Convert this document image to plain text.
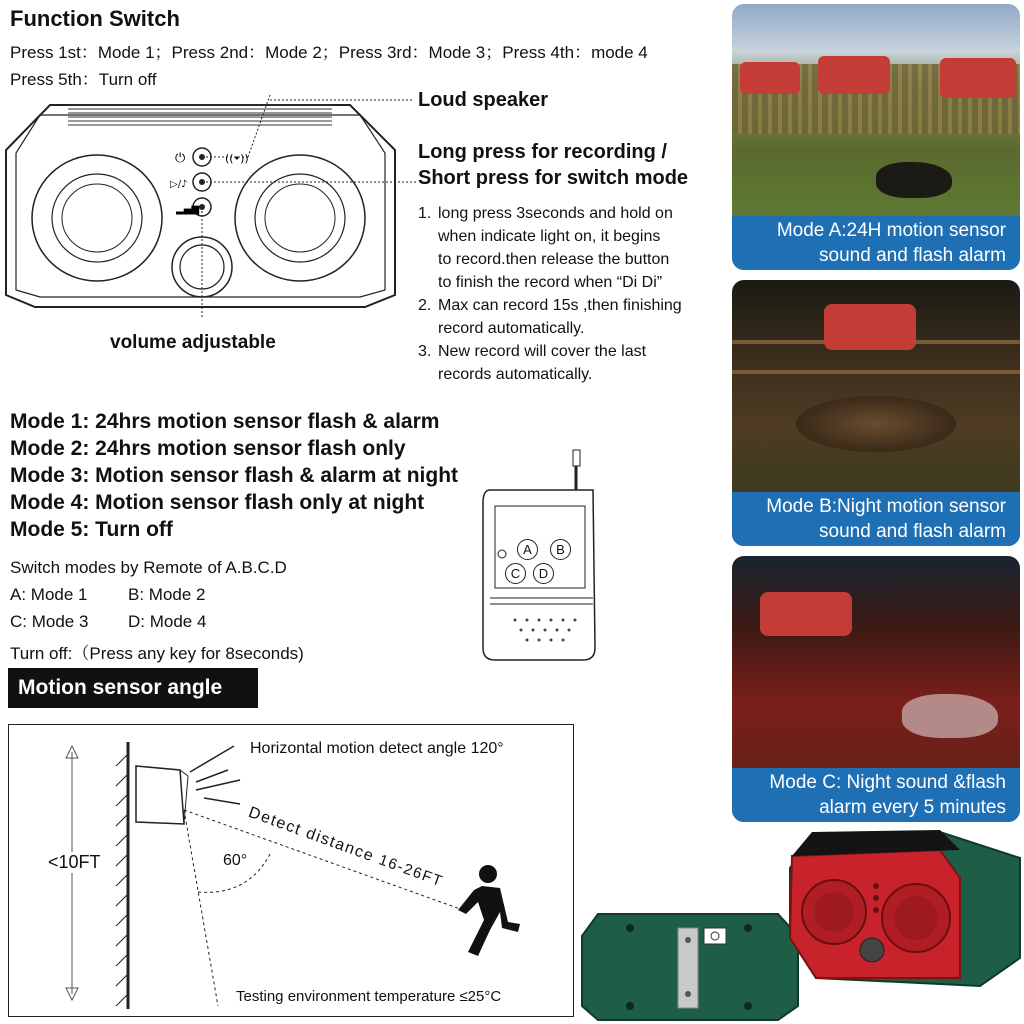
Function Switch
Press 1st：Mode 1；Press 2nd：Mode 2；Press 3rd：Mode 3；Press 4th：mode 4
Press 5th：Turn off
⏻
▷/♪
▂▄▆
((•))
Loud speaker
Long press for recording /
Short press for switch mode
volume adjustable
1. long press 3seconds and hold on
when indicate light on, it begins
to record.then release the button
to finish the record when “Di Di”
2. Max can record 15s ,then finishing
record automatically.
3. New record will cover the last
records automatically.
Mode 1: 24hrs motion sensor flash & alarm
Mode 2: 24hrs motion sensor flash only
Mode 3: Motion sensor flash & alarm at night
Mode 4: Motion sensor flash only at night
Mode 5: Turn off
Switch modes by Remote of A.B.C.D
A: Mode 1 B: Mode 2
C: Mode 3 D: Mode 4
Turn off:（Press any key for 8seconds)
A	B
C	D
Motion sensor angle
Horizontal motion detect angle 120°
Detect distance 16-26FT
<10FT	60°
Testing environment temperature ≤25°C
Mode A:24H motion sensor
sound and flash alarm
Mode B:Night motion sensor
sound and flash alarm
Mode C: Night sound &flash
alarm every 5 minutes
